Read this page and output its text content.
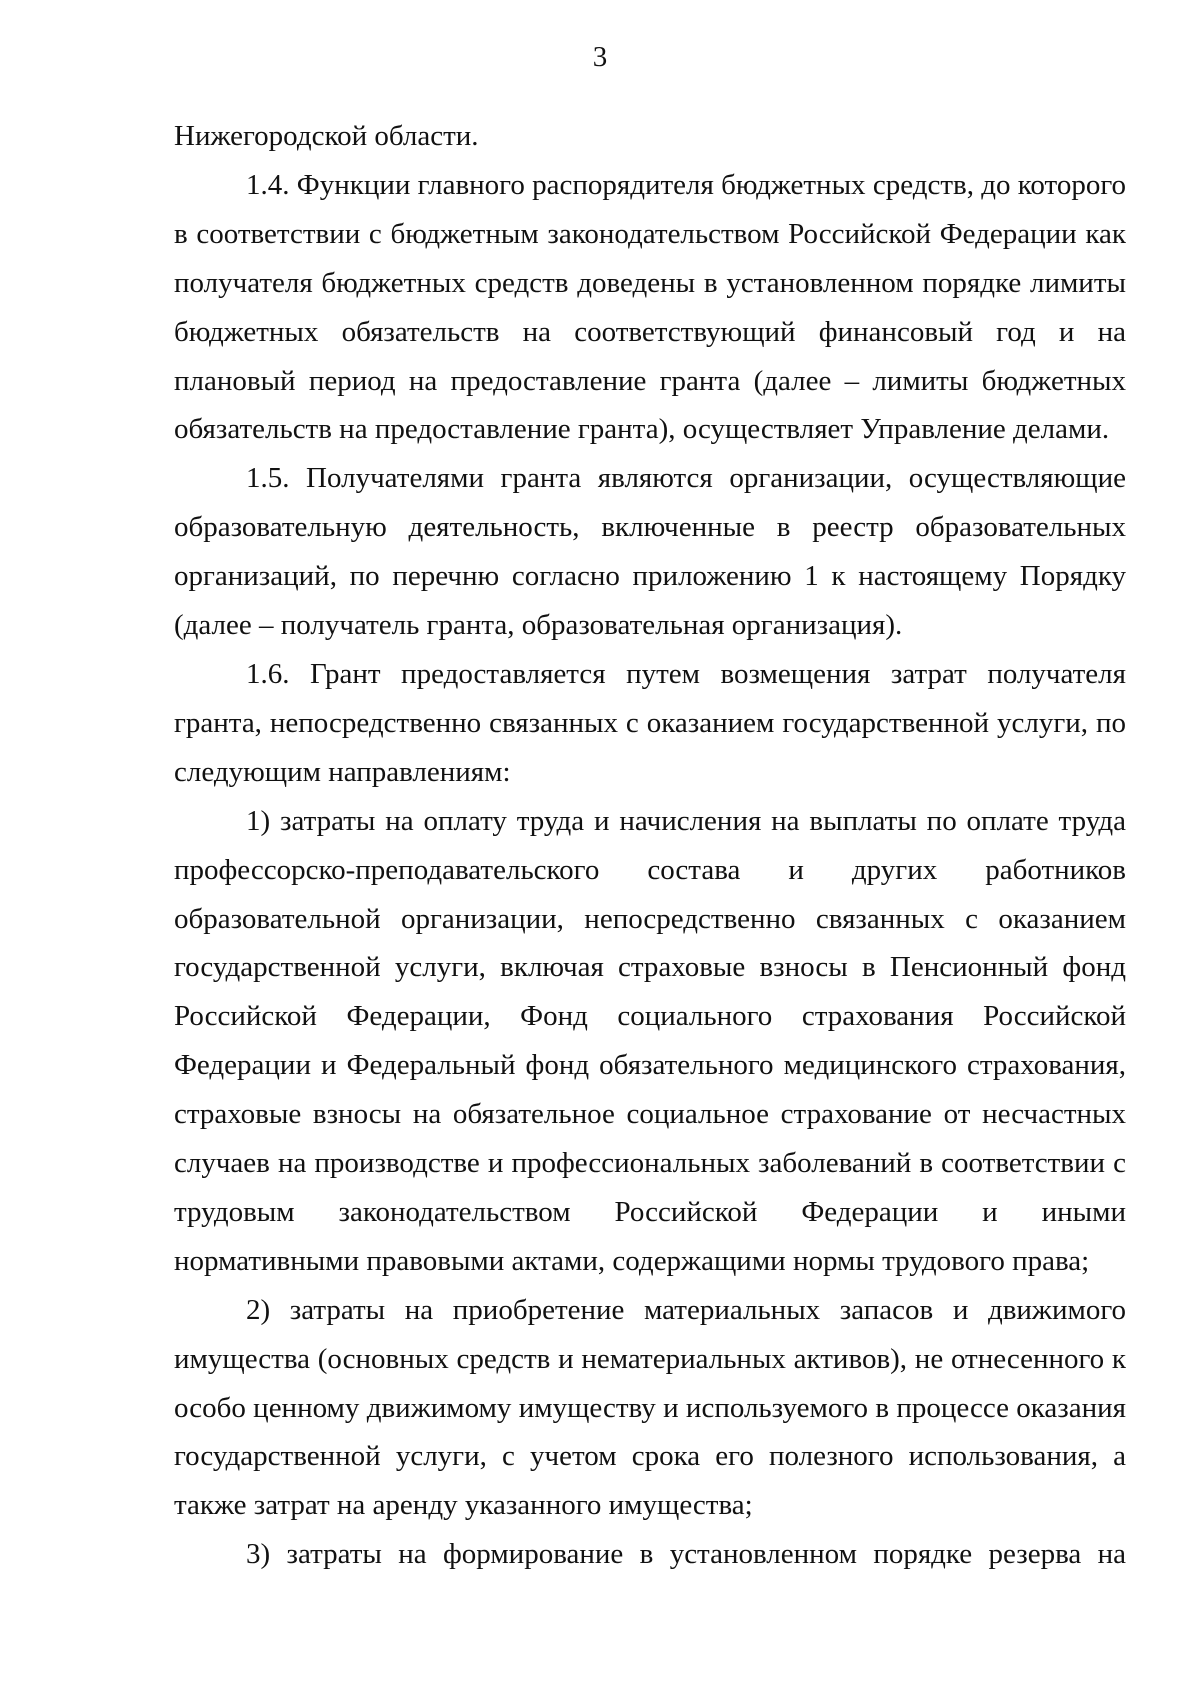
3

Нижегородской области.

1.4. Функции главного распорядителя бюджетных средств, до которого в соответствии с бюджетным законодательством Российской Федерации как получателя бюджетных средств доведены в установленном порядке лимиты бюджетных обязательств на соответствующий финансовый год и на плановый период на предоставление гранта (далее – лимиты бюджетных обязательств на предоставление гранта), осуществляет Управление делами.

1.5. Получателями гранта являются организации, осуществляющие образовательную деятельность, включенные в реестр образовательных организаций, по перечню согласно приложению 1 к настоящему Порядку (далее – получатель гранта, образовательная организация).

1.6. Грант предоставляется путем возмещения затрат получателя гранта, непосредственно связанных с оказанием государственной услуги, по следующим направлениям:

1) затраты на оплату труда и начисления на выплаты по оплате труда профессорско-преподавательского состава и других работников образовательной организации, непосредственно связанных с оказанием государственной услуги, включая страховые взносы в Пенсионный фонд Российской Федерации, Фонд социального страхования Российской Федерации и Федеральный фонд обязательного медицинского страхования, страховые взносы на обязательное социальное страхование от несчастных случаев на производстве и профессиональных заболеваний в соответствии с трудовым законодательством Российской Федерации и иными нормативными правовыми актами, содержащими нормы трудового права;

2) затраты на приобретение материальных запасов и движимого имущества (основных средств и нематериальных активов), не отнесенного к особо ценному движимому имуществу и используемого в процессе оказания государственной услуги, с учетом срока его полезного использования, а также затрат на аренду указанного имущества;

3) затраты на формирование в установленном порядке резерва на
